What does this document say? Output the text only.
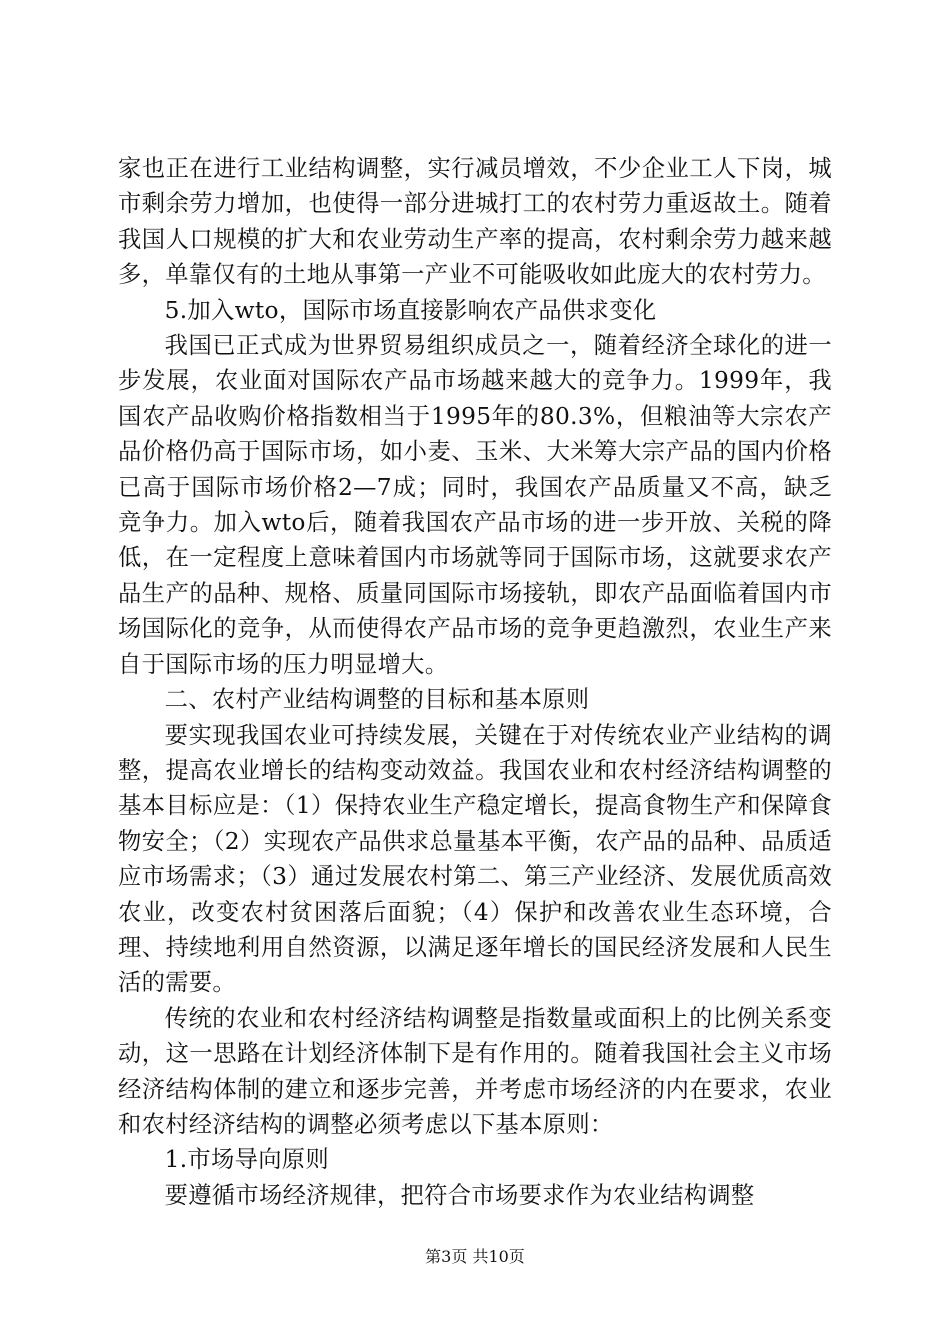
家也正在进行工业结构调整，实行减员增效，不少企业工人下岗，城市剩余劳力增加，也使得一部分进城打工的农村劳力重返故土。随着我国人口规模的扩大和农业劳动生产率的提高，农村剩余劳力越来越多，单靠仅有的土地从事第一产业不可能吸收如此庞大的农村劳力。

5.加入wto，国际市场直接影响农产品供求变化

我国已正式成为世界贸易组织成员之一，随着经济全球化的进一步发展，农业面对国际农产品市场越来越大的竞争力。1999年，我国农产品收购价格指数相当于1995年的80.3%，但粮油等大宗农产品价格仍高于国际市场，如小麦、玉米、大米筹大宗产品的国内价格已高于国际市场价格2—7成；同时，我国农产品质量又不高，缺乏竞争力。加入wto后，随着我国农产品市场的进一步开放、关税的降低，在一定程度上意味着国内市场就等同于国际市场，这就要求农产品生产的品种、规格、质量同国际市场接轨，即农产品面临着国内市场国际化的竞争，从而使得农产品市场的竞争更趋激烈，农业生产来自于国际市场的压力明显增大。

二、农村产业结构调整的目标和基本原则

要实现我国农业可持续发展，关键在于对传统农业产业结构的调整，提高农业增长的结构变动效益。我国农业和农村经济结构调整的基本目标应是：（1）保持农业生产稳定增长，提高食物生产和保障食物安全；（2）实现农产品供求总量基本平衡，农产品的品种、品质适应市场需求；（3）通过发展农村第二、第三产业经济、发展优质高效农业，改变农村贫困落后面貌；（4）保护和改善农业生态环境，合理、持续地利用自然资源，以满足逐年增长的国民经济发展和人民生活的需要。

传统的农业和农村经济结构调整是指数量或面积上的比例关系变动，这一思路在计划经济体制下是有作用的。随着我国社会主义市场经济结构体制的建立和逐步完善，并考虑市场经济的内在要求，农业和农村经济结构的调整必须考虑以下基本原则：

1.市场导向原则

要遵循市场经济规律，把符合市场要求作为农业结构调整

第3页 共10页
